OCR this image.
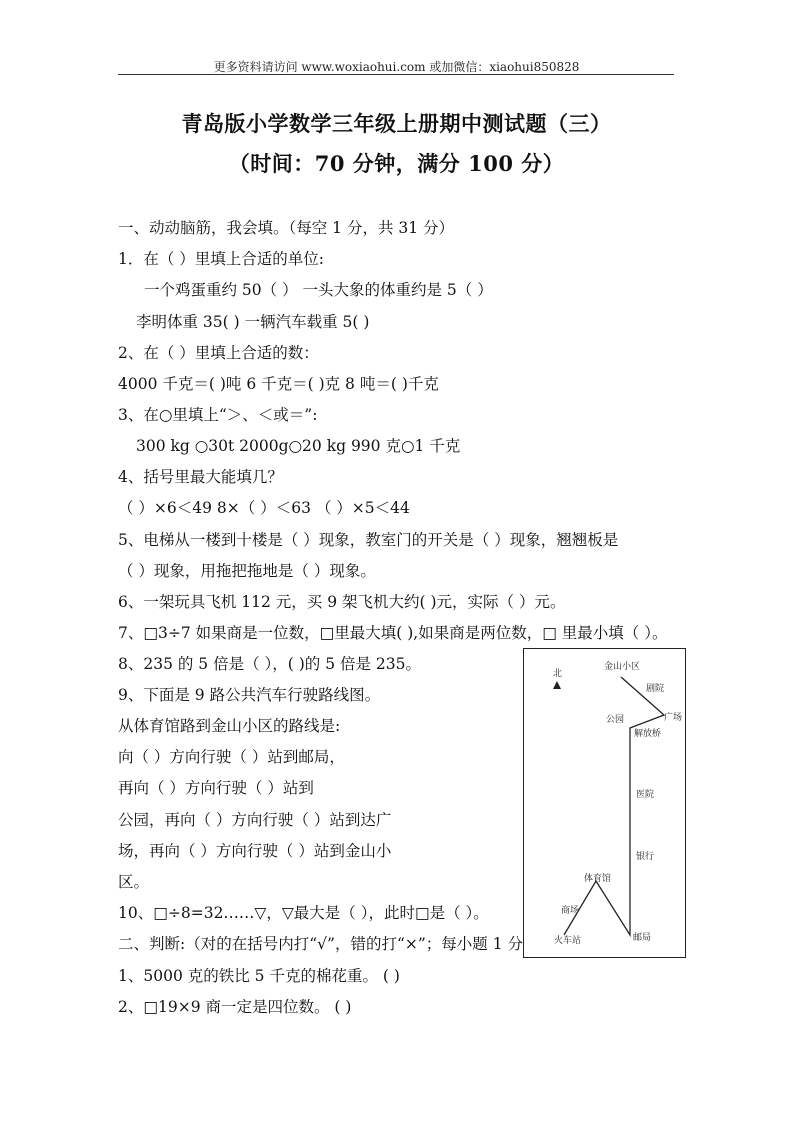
更多资料请访问 www.woxiaohui.com 或加微信：xiaohui850828
青岛版小学数学三年级上册期中测试题（三）
（时间：70 分钟，满分 100 分）
一、动动脑筋，我会填。（每空 1 分，共 31 分）
1．在（ ）里填上合适的单位:
一个鸡蛋重约 50（ ） 一头大象的体重约是 5（ ）
李明体重 35( ) 一辆汽车载重 5( )
2、在（ ）里填上合适的数：
4000 千克＝( )吨 6 千克＝( )克 8 吨＝( )千克
3、在○里填上“＞、＜或＝”:
300 kg ○30t 2000g○20 kg 990 克○1 千克
4、括号里最大能填几？
（ ）×6＜49 8×（ ）＜63 （ ）×5＜44
5、电梯从一楼到十楼是（ ）现象，教室门的开关是（ ）现象，翘翘板是
（ ）现象，用拖把拖地是（ ）现象。
6、一架玩具飞机 112 元，买 9 架飞机大约( )元，实际（ ）元。
7、□3÷7 如果商是一位数，□里最大填( ),如果商是两位数，□ 里最小填（ ）。
8、235 的 5 倍是（ ），( )的 5 倍是 235。
9、下面是 9 路公共汽车行驶路线图。
从体育馆路到金山小区的路线是:
向（ ）方向行驶（ ）站到邮局，
再向（ ）方向行驶（ ）站到
公园，再向（ ）方向行驶（ ）站到达广
场，再向（ ）方向行驶（ ）站到金山小
区。
10、□÷8=32……▽，▽最大是（ ），此时□是（ ）。
二、判断:（对的在括号内打“√”，错的打“×”；每小题 1 分
1、5000 克的铁比 5 千克的棉花重。 ( )
2、□19×9 商一定是四位数。 ( )
北
金山小区
剧院
公园	广场
解放桥
医院
银行
体育馆
商场
火车站	邮局
